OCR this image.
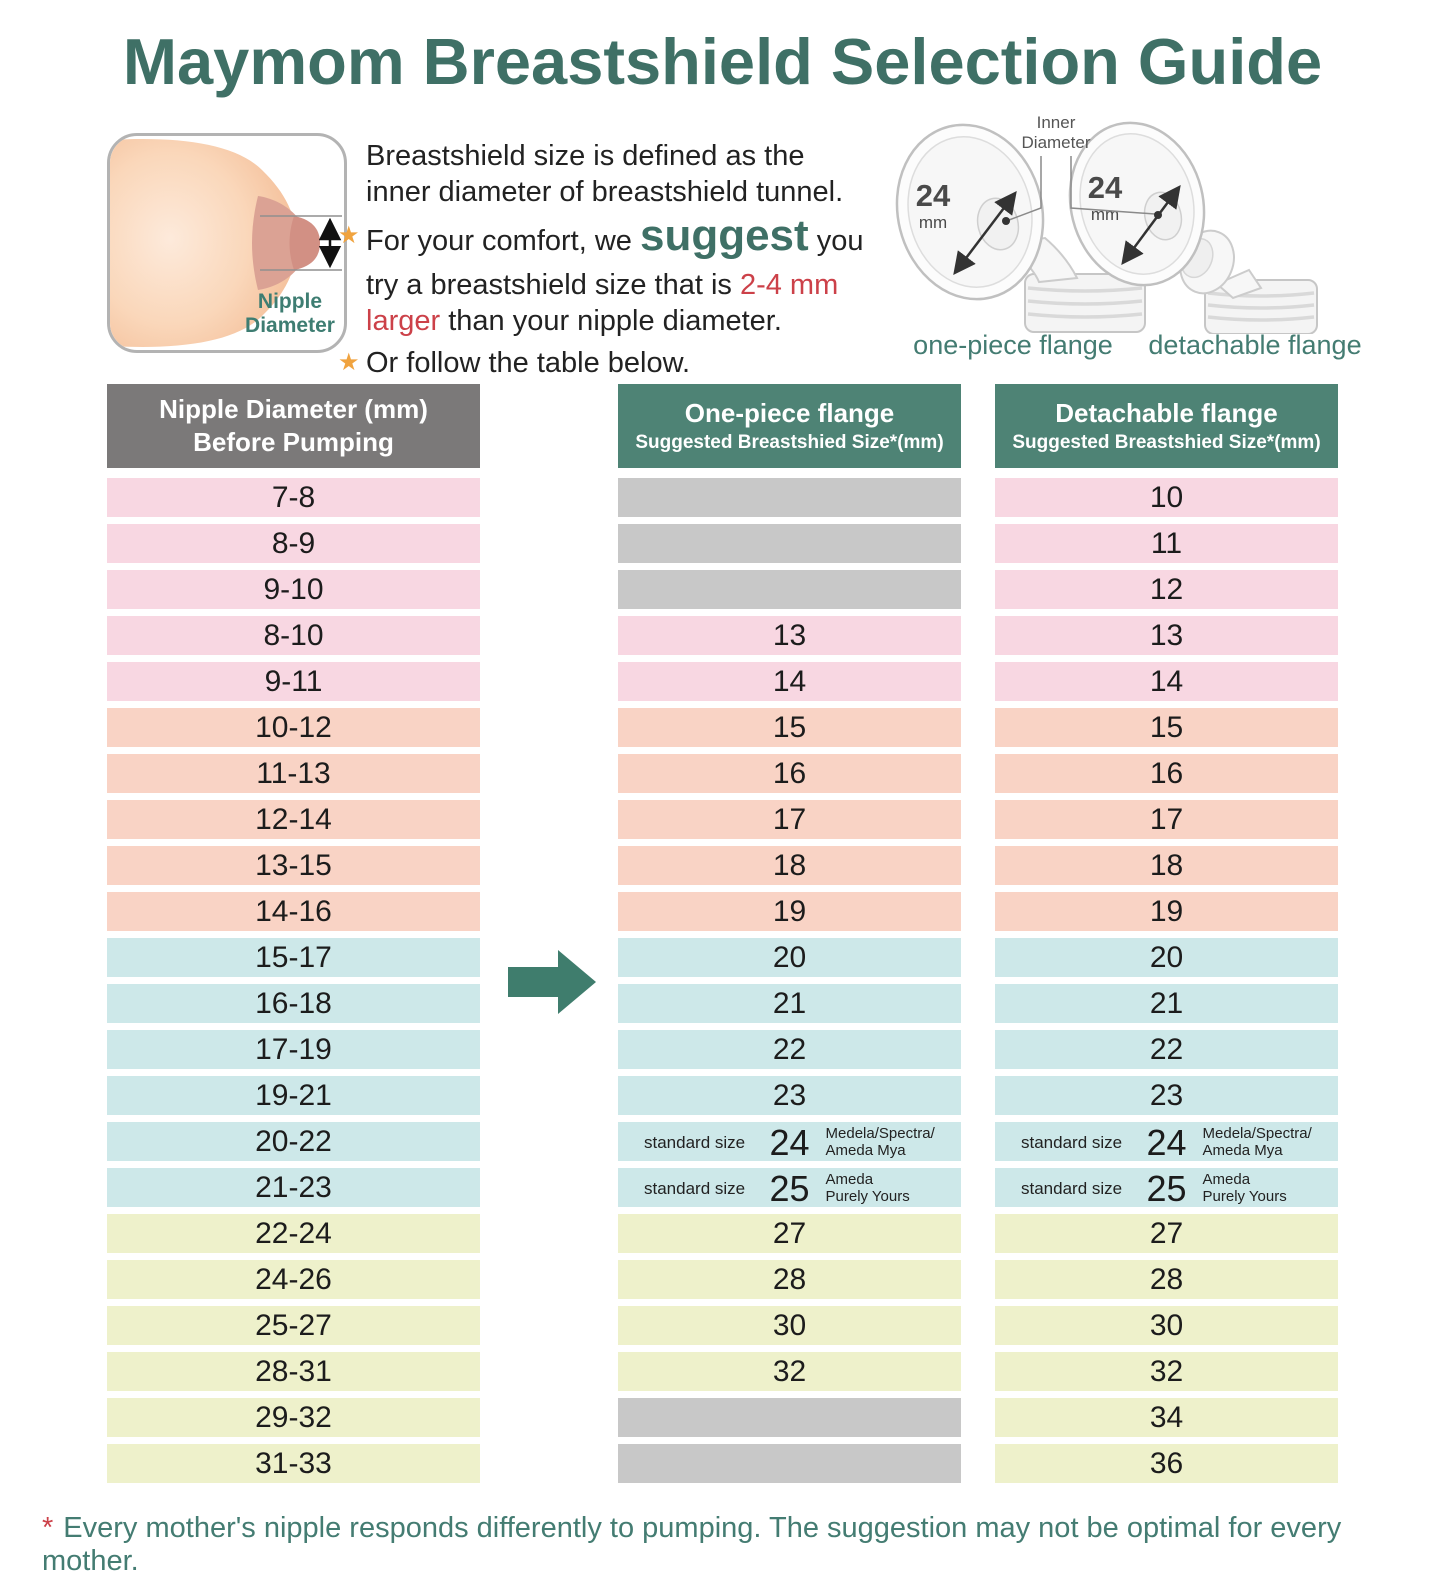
Maymom Breastshield Selection Guide
Nipple
Diameter
Breastshield size is defined as the
inner diameter of breastshield tunnel.
★ For your comfort, we suggest you
try a breastshield size that is 2-4 mm
larger than your nipple diameter.
★ Or follow the table below.
24
mm
24
mm
Inner
Diameter
one-piece flange	detachable flange
Nipple Diameter (mm)
Before Pumping
One-piece flange
Suggested Breastshied Size*(mm)
Detachable flange
Suggested Breastshied Size*(mm)
7-8
8-9
9-10
8-10
9-11
10-12
11-13
12-14
13-15
14-16
15-17
16-18
17-19
19-21
20-22
21-23
22-24
24-26
25-27
28-31
29-32
31-33
13
14
15
16
17
18
19
20
21
22
23
standard size 24 Medela/Spectra/
Ameda Mya
standard size 25 Ameda
Purely Yours
27
28
30
32
10
11
12
13
14
15
16
17
18
19
20
21
22
23
standard size 24 Medela/Spectra/
Ameda Mya
standard size 25 Ameda
Purely Yours
27
28
30
32
34
36
* Every mother's nipple responds differently to pumping. The suggestion may not be optimal for every mother.
